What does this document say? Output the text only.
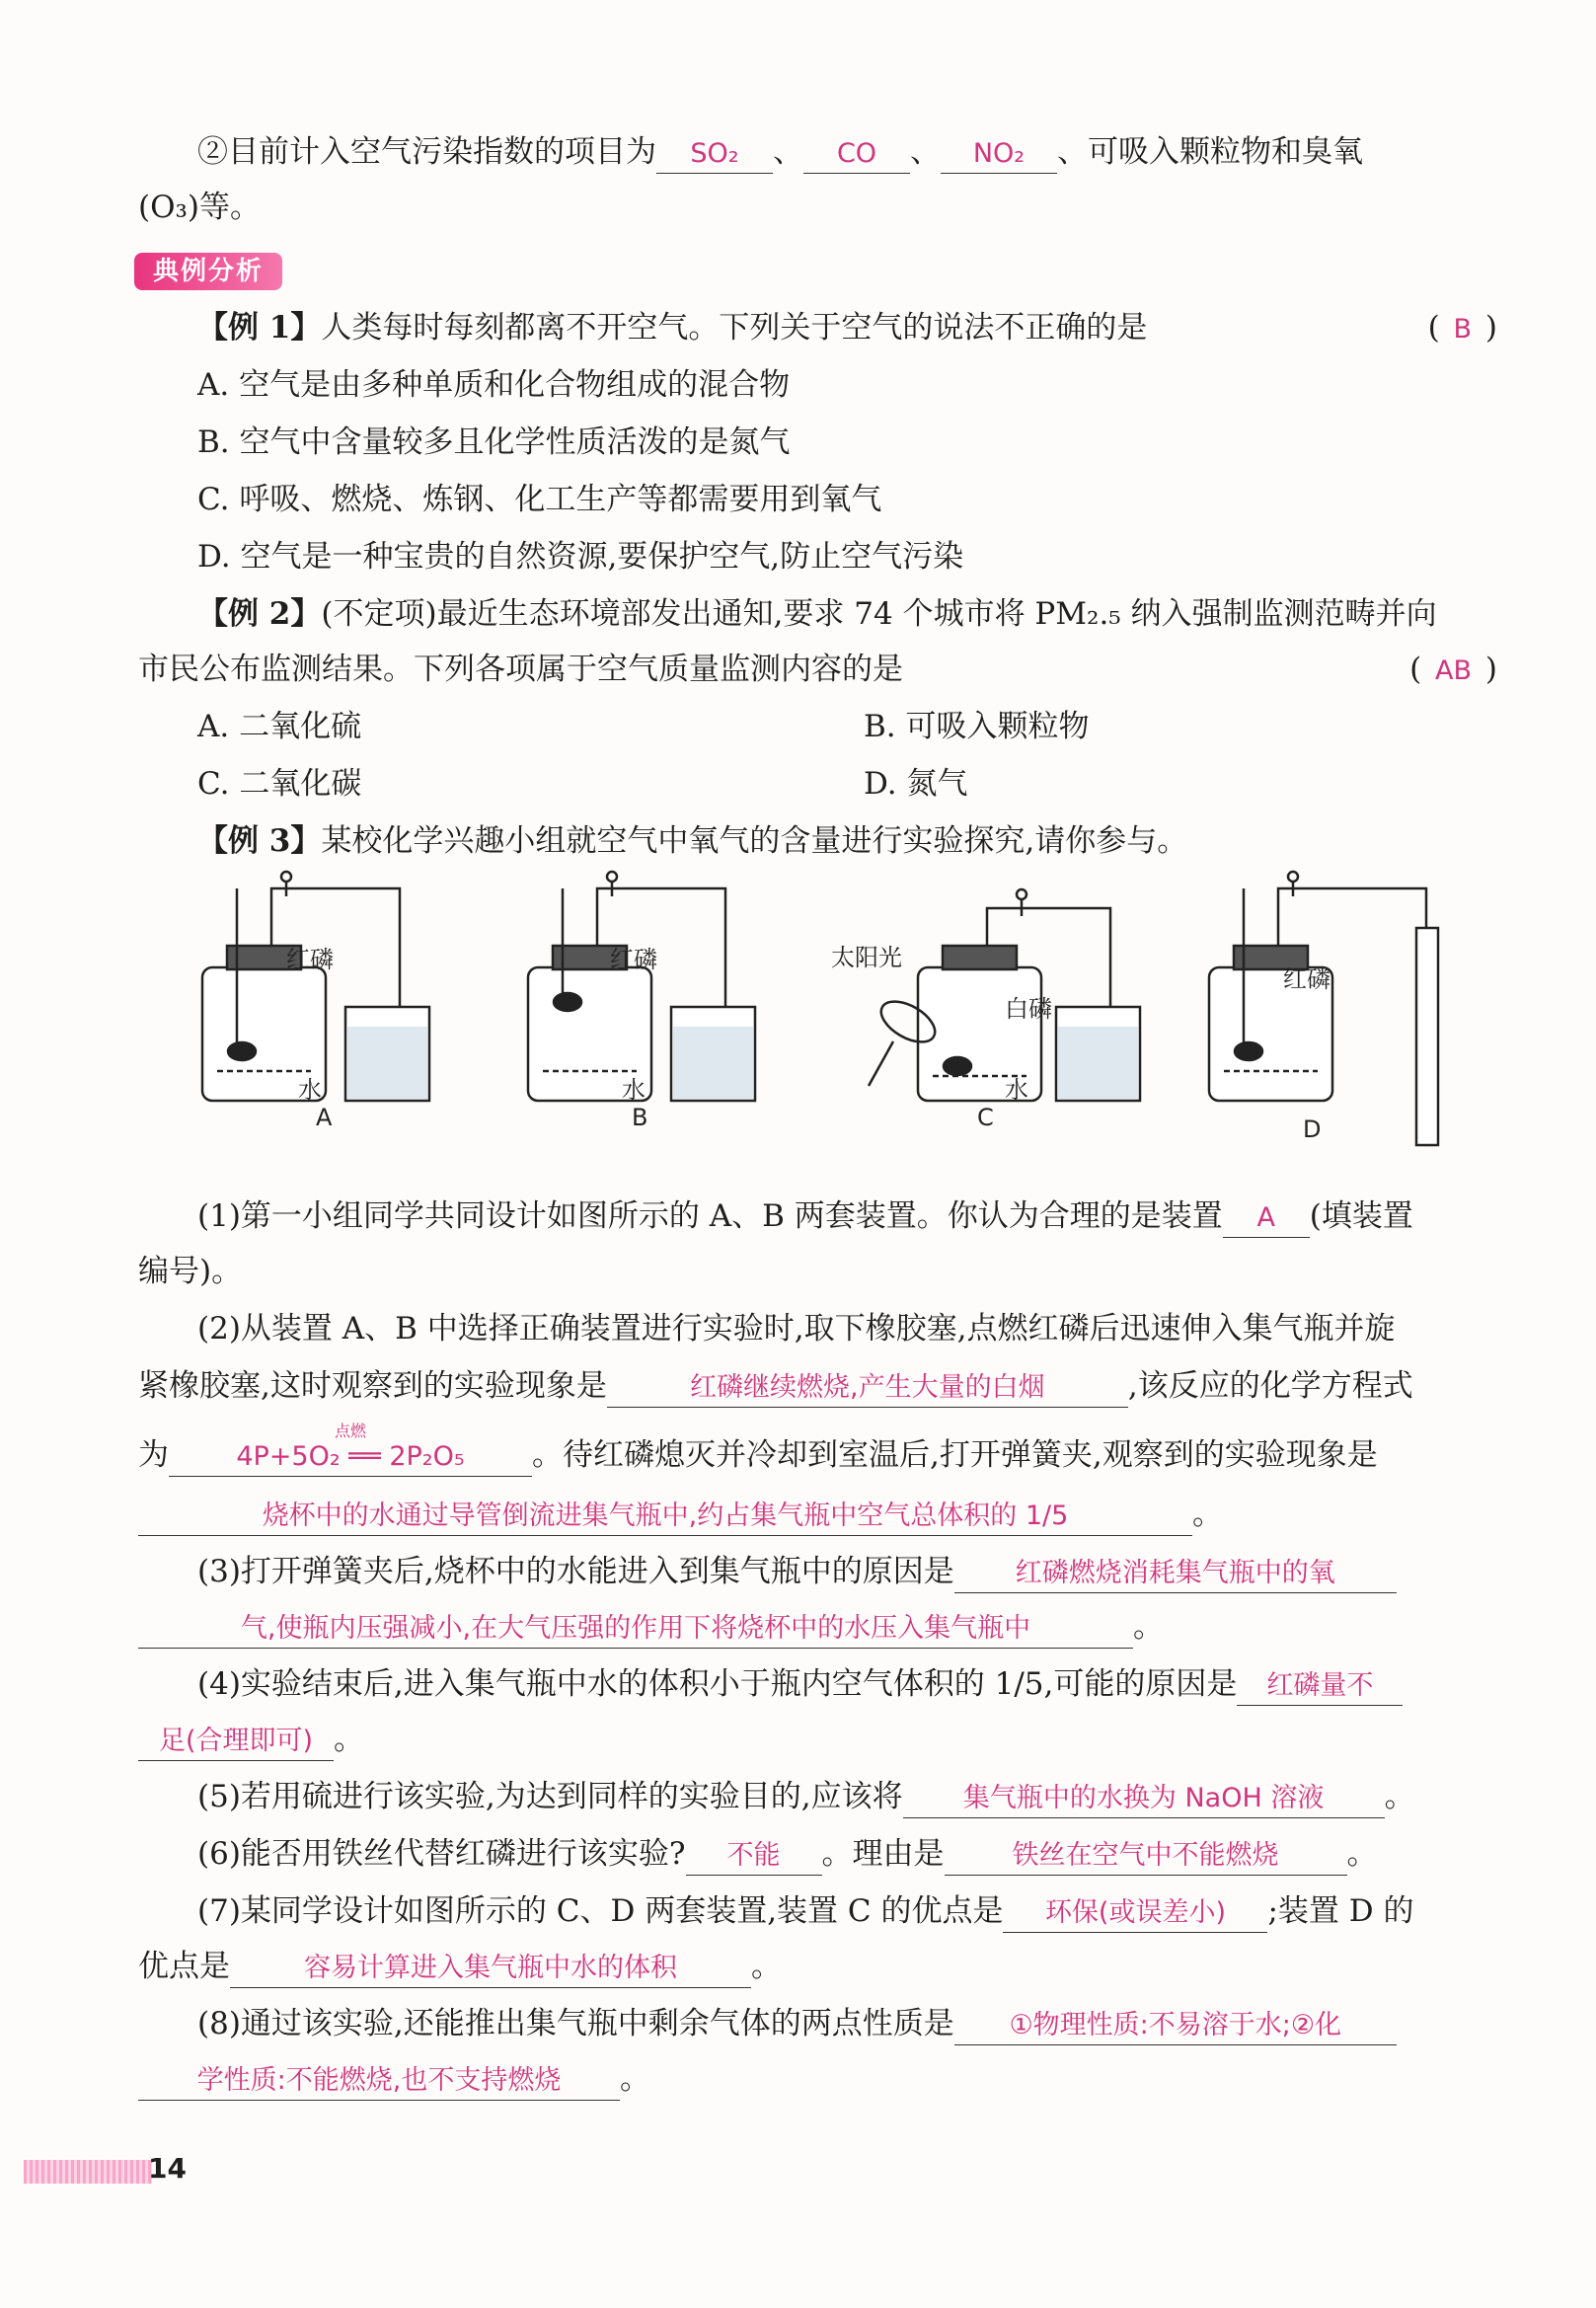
②目前计入空气污染指数的项目为 SO₂ 、 CO 、 NO₂ 、可吸入颗粒物和臭氧
(O₃)等。
典例分析
【例 1】人类每时每刻都离不开空气。下列关于空气的说法不正确的是	( B )
A. 空气是由多种单质和化合物组成的混合物
B. 空气中含量较多且化学性质活泼的是氮气
C. 呼吸、燃烧、炼钢、化工生产等都需要用到氧气
D. 空气是一种宝贵的自然资源,要保护空气,防止空气污染
【例 2】(不定项)最近生态环境部发出通知,要求 74 个城市将 PM₂.₅ 纳入强制监测范畴并向
市民公布监测结果。下列各项属于空气质量监测内容的是	( AB )
A. 二氧化硫	B. 可吸入颗粒物
C. 二氧化碳	D. 氮气
【例 3】某校化学兴趣小组就空气中氧气的含量进行实验探究,请你参与。
红磷
水
红磷
水
太阳光
白磷
水
红磷
A	B	C	D
(1)第一小组同学共同设计如图所示的 A、B 两套装置。你认为合理的是装置 A (填装置
编号)。
(2)从装置 A、B 中选择正确装置进行实验时,取下橡胶塞,点燃红磷后迅速伸入集气瓶并旋
紧橡胶塞,这时观察到的实验现象是	红磷继续燃烧,产生大量的白烟	,该反应的化学方程式
为
点燃
4P+5O₂ ══ 2P₂O₅ 。待红磷熄灭并冷却到室温后,打开弹簧夹,观察到的实验现象是
烧杯中的水通过导管倒流进集气瓶中,约占集气瓶中空气总体积的 1/5	。
(3)打开弹簧夹后,烧杯中的水能进入到集气瓶中的原因是 红磷燃烧消耗集气瓶中的氧
气,使瓶内压强减小,在大气压强的作用下将烧杯中的水压入集气瓶中	。
(4)实验结束后,进入集气瓶中水的体积小于瓶内空气体积的 1/5,可能的原因是 红磷量不
足(合理即可) 。
(5)若用硫进行该实验,为达到同样的实验目的,应该将 集气瓶中的水换为 NaOH 溶液 。
(6)能否用铁丝代替红磷进行该实验? 不能 。理由是	铁丝在空气中不能燃烧 。
(7)某同学设计如图所示的 C、D 两套装置,装置 C 的优点是 环保(或误差小) ;装置 D 的
优点是	容易计算进入集气瓶中水的体积 。
(8)通过该实验,还能推出集气瓶中剩余气体的两点性质是 ①物理性质:不易溶于水;②化
学性质:不能燃烧,也不支持燃烧 。
14
